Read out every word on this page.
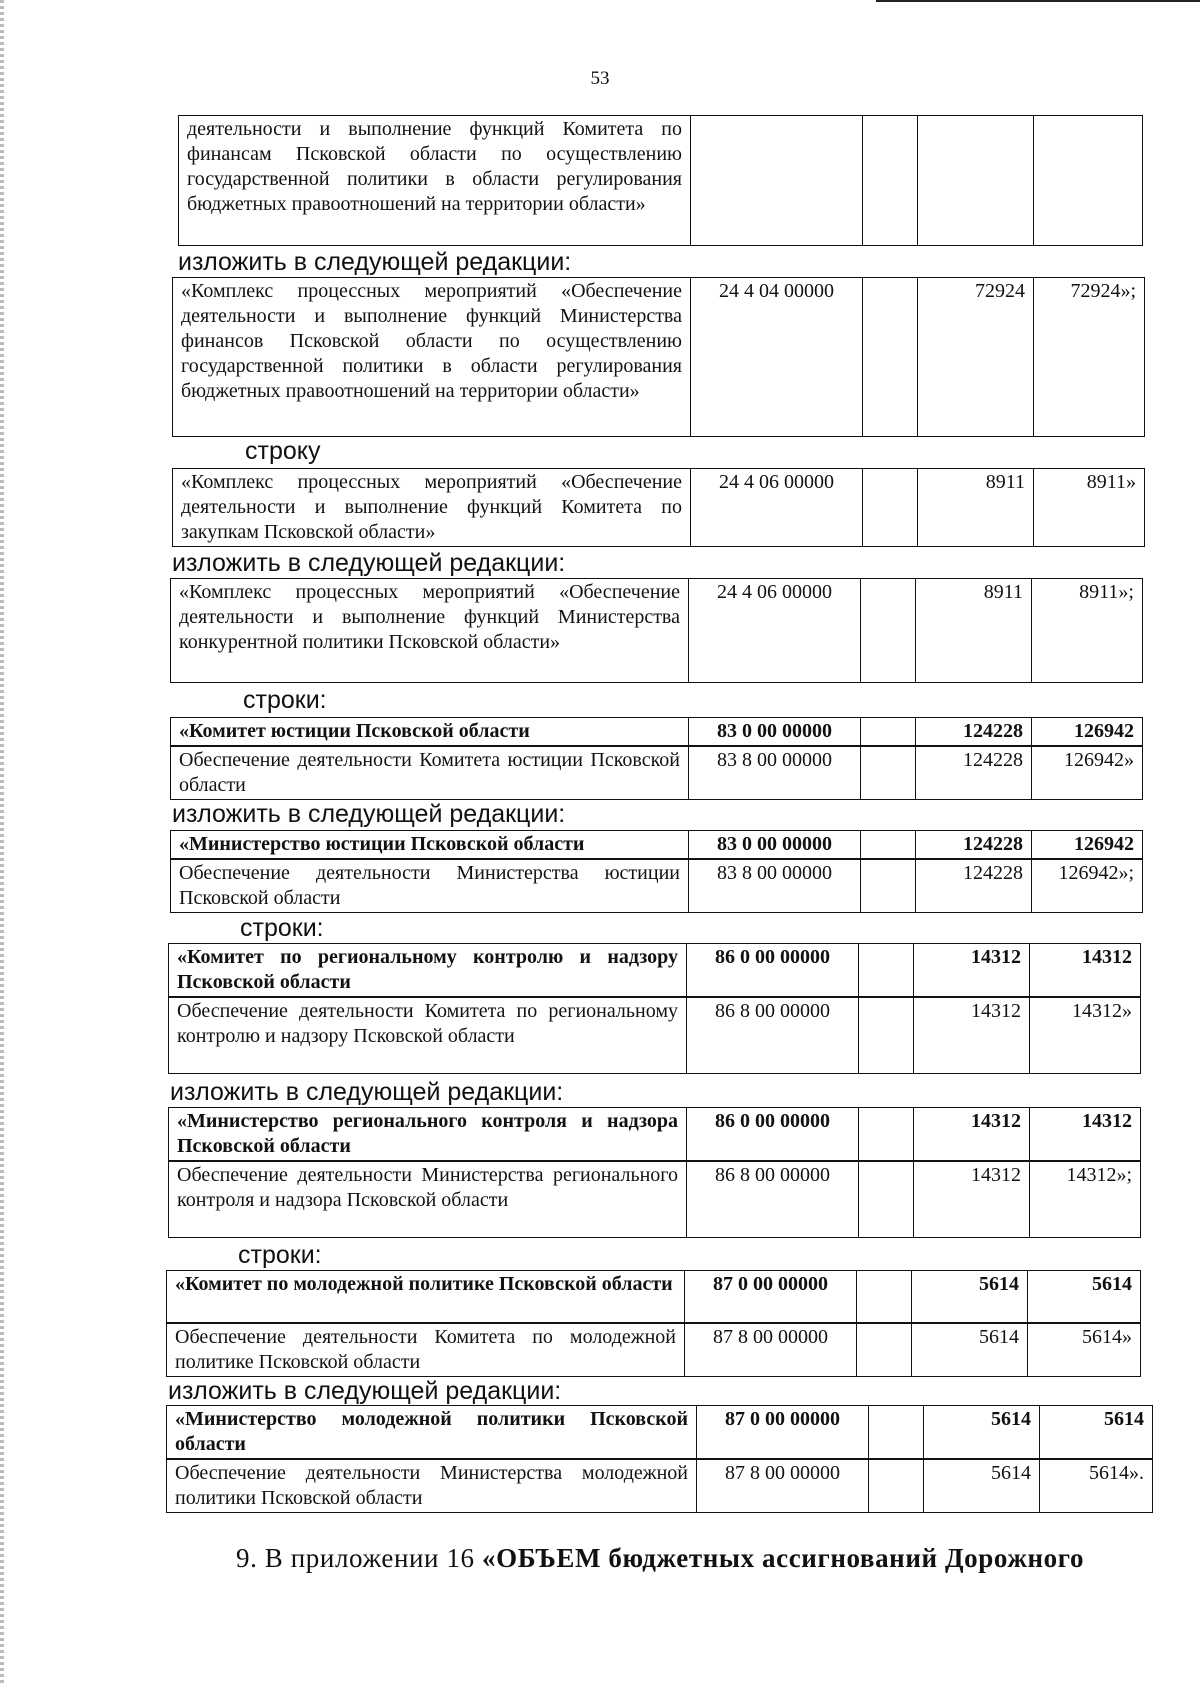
53
деятельности и выполнение функций Комитета по финансам Псковской области по осуществлению государственной политики в области регулирования бюджетных правоотношений на территории области»				
изложить в следующей редакции:
«Комплекс процессных мероприятий «Обеспечение деятельности и выполнение функций Министерства финансов Псковской области по осуществлению государственной политики в области регулирования бюджетных правоотношений на территории области»	24 4 04 00000		72924	72924»;
строку
«Комплекс процессных мероприятий «Обеспечение деятельности и выполнение функций Комитета по закупкам Псковской области»	24 4 06 00000		8911	8911»
изложить в следующей редакции:
«Комплекс процессных мероприятий «Обеспечение деятельности и выполнение функций Министерства конкурентной политики Псковской области»	24 4 06 00000		8911	8911»;
строки:
«Комитет юстиции Псковской области	83 0 00 00000		124228	126942
Обеспечение деятельности Комитета юстиции Псковской области	83 8 00 00000		124228	126942»
изложить в следующей редакции:
«Министерство юстиции Псковской области	83 0 00 00000		124228	126942
Обеспечение деятельности Министерства юстиции Псковской области	83 8 00 00000		124228	126942»;
строки:
«Комитет по региональному контролю и надзору Псковской области	86 0 00 00000		14312	14312
Обеспечение деятельности Комитета по региональному контролю и надзору Псковской области	86 8 00 00000		14312	14312»
изложить в следующей редакции:
«Министерство регионального контроля и надзора Псковской области	86 0 00 00000		14312	14312
Обеспечение деятельности Министерства регионального контроля и надзора Псковской области	86 8 00 00000		14312	14312»;
строки:
«Комитет по молодежной политике Псковской области	87 0 00 00000		5614	5614
Обеспечение деятельности Комитета по молодежной политике Псковской области	87 8 00 00000		5614	5614»
изложить в следующей редакции:
«Министерство молодежной политики Псковской области	87 0 00 00000		5614	5614
Обеспечение деятельности Министерства молодежной политики Псковской области	87 8 00 00000		5614	5614».
9. В приложении 16 «ОБЪЕМ бюджетных ассигнований Дорожного
